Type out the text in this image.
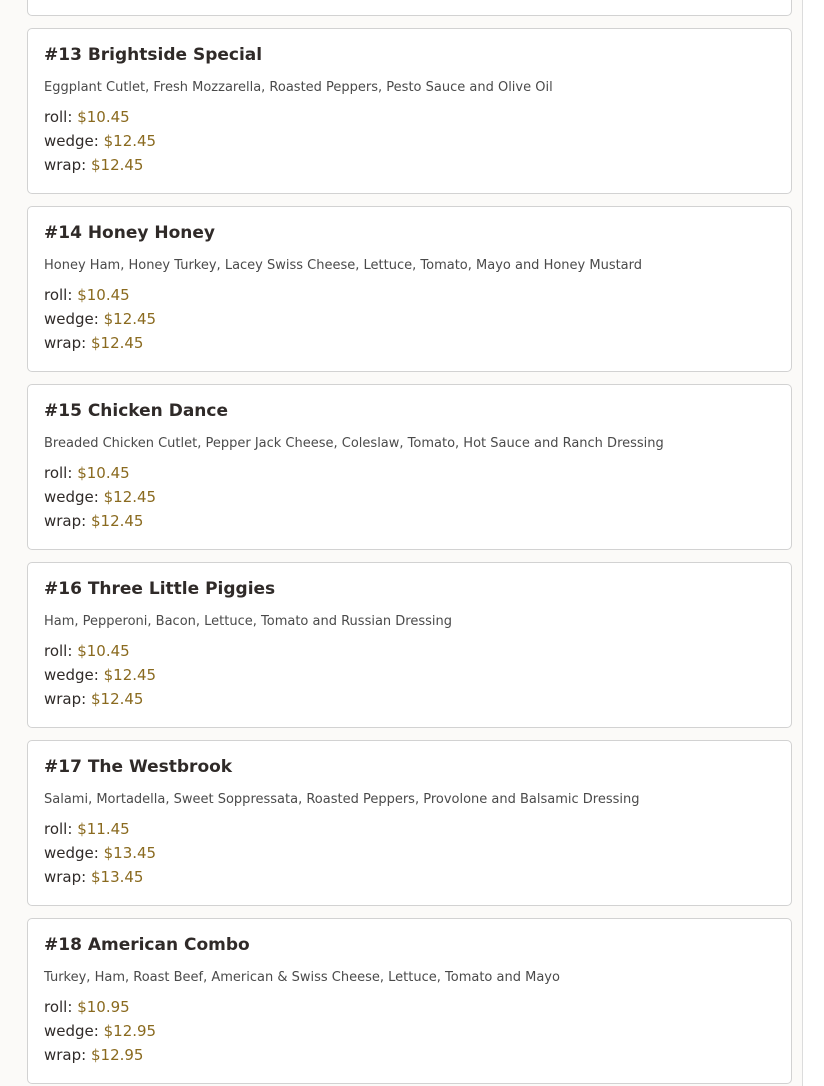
#13 Brightside Special

Eggplant Cutlet, Fresh Mozzarella, Roasted Peppers, Pesto Sauce and Olive Oil

roll: $10.45
wedge: $12.45
wrap: $12.45
#14 Honey Honey

Honey Ham, Honey Turkey, Lacey Swiss Cheese, Lettuce, Tomato, Mayo and Honey Mustard

roll: $10.45
wedge: $12.45
wrap: $12.45
#15 Chicken Dance

Breaded Chicken Cutlet, Pepper Jack Cheese, Coleslaw, Tomato, Hot Sauce and Ranch Dressing

roll: $10.45
wedge: $12.45
wrap: $12.45
#16 Three Little Piggies

Ham, Pepperoni, Bacon, Lettuce, Tomato and Russian Dressing

roll: $10.45
wedge: $12.45
wrap: $12.45
#17 The Westbrook

Salami, Mortadella, Sweet Soppressata, Roasted Peppers, Provolone and Balsamic Dressing

roll: $11.45
wedge: $13.45
wrap: $13.45
#18 American Combo

Turkey, Ham, Roast Beef, American & Swiss Cheese, Lettuce, Tomato and Mayo

roll: $10.95
wedge: $12.95
wrap: $12.95
